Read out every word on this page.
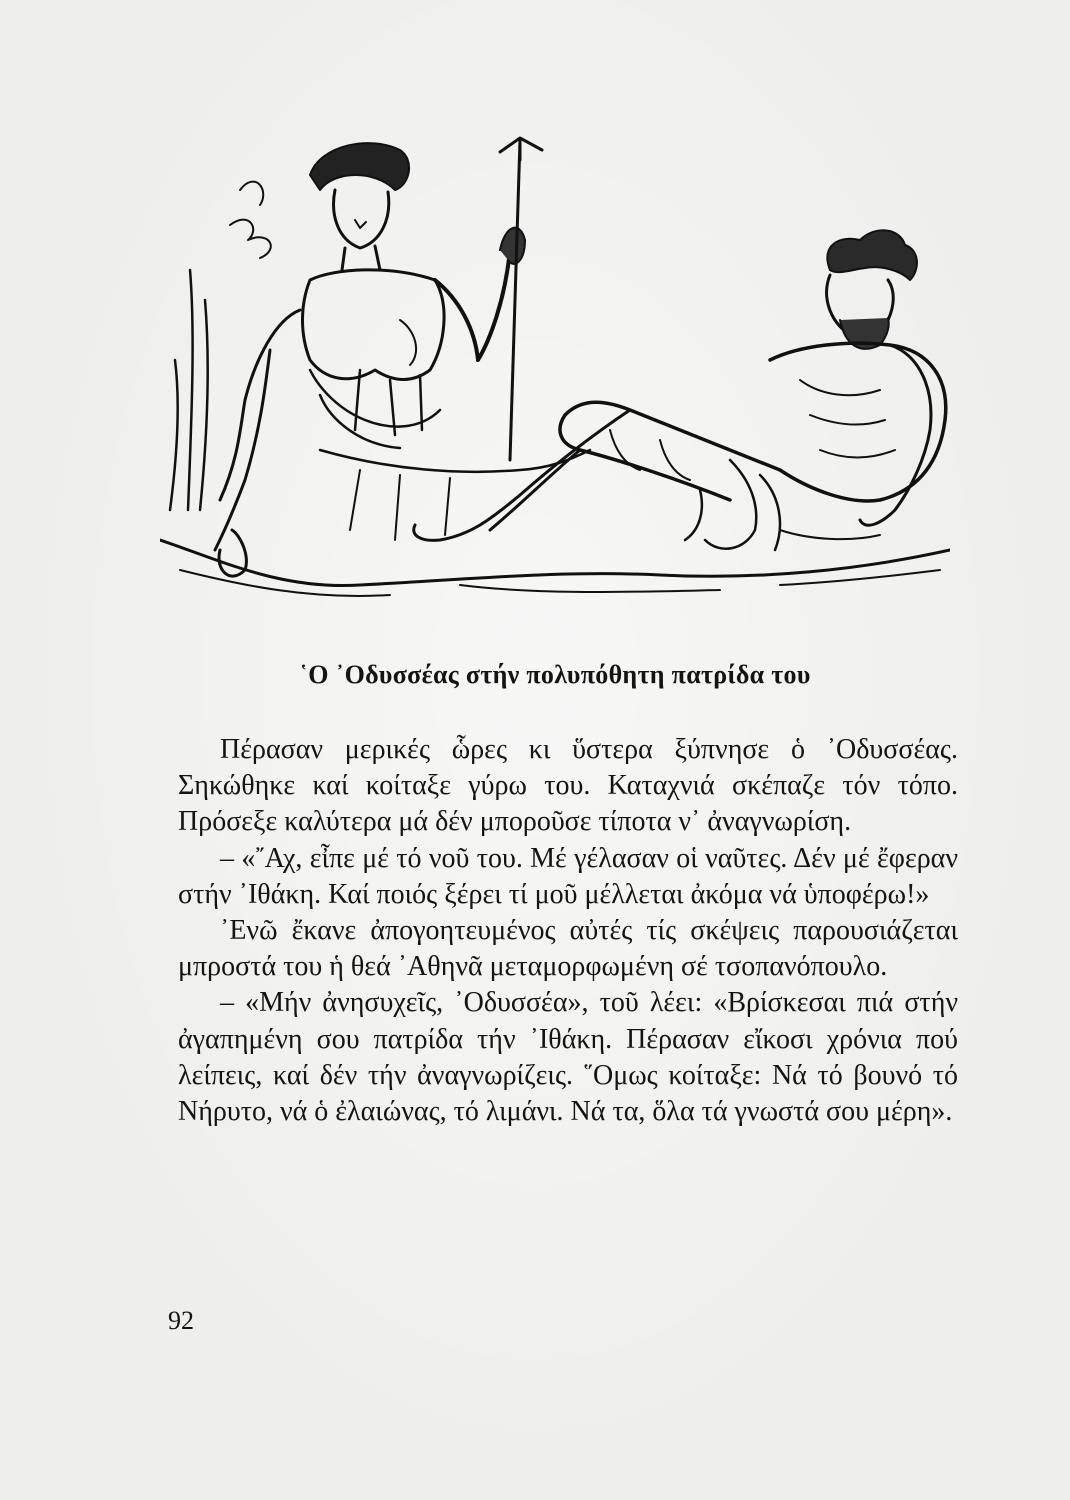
῾Ο ᾿Οδυσσέας στήν πολυπόθητη πατρίδα του

Πέρασαν μερικές ὧρες κι ὕστερα ξύπνησε ὁ ᾿Οδυσσέας. Σηκώθηκε καί κοίταξε γύρω του. Καταχνιά σκέπαζε τόν τόπο. Πρόσεξε καλύτερα μά δέν μποροῦσε τίποτα ν᾿ ἀναγνωρίση.

– «῎Αχ, εἶπε μέ τό νοῦ του. Μέ γέλασαν οἱ ναῦτες. Δέν μέ ἔφεραν στήν ᾿Ιθάκη. Καί ποιός ξέρει τί μοῦ μέλλεται ἀκόμα νά ὑποφέρω!»

᾿Ενῶ ἔκανε ἀπογοητευμένος αὐτές τίς σκέψεις παρουσιάζεται μπροστά του ἡ θεά ᾿Αθηνᾶ μεταμορφωμένη σέ τσοπανόπουλο.

– «Μήν ἀνησυχεῖς, ᾿Οδυσσέα», τοῦ λέει: «Βρίσκεσαι πιά στήν ἀγαπημένη σου πατρίδα τήν ᾿Ιθάκη. Πέρασαν εἴκοσι χρόνια πού λείπεις, καί δέν τήν ἀναγνωρίζεις. ῞Ομως κοίταξε: Νά τό βουνό τό Νήρυτο, νά ὁ ἐλαιώνας, τό λιμάνι. Νά τα, ὅλα τά γνωστά σου μέρη».

92
